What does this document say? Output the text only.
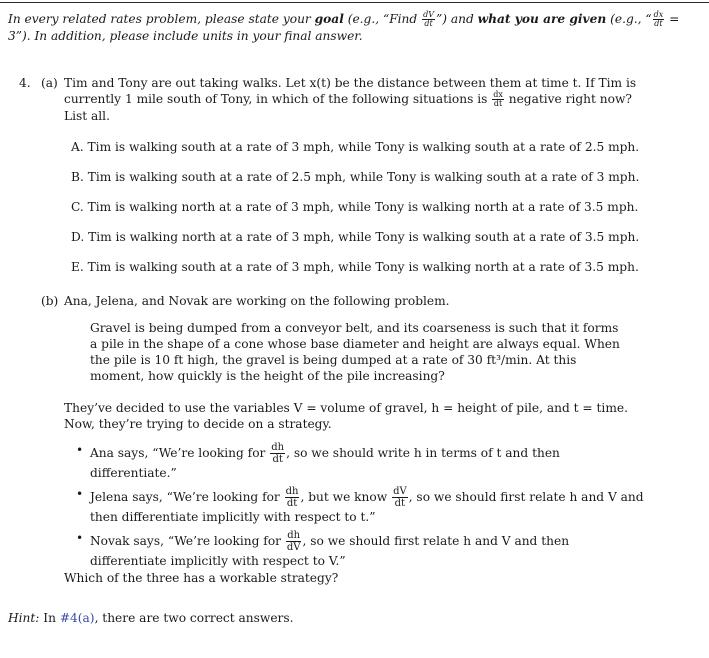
In every related rates problem, please state your goal (e.g., “Find $\frac{dV}{dt}$ ”) and what you are given (e.g., “ $\frac{dx}{dt}$ = 3”). In addition, please include units in your final answer.
4. (a) Tim and Tony are out taking walks. Let x(t) be the distance between them at time t. If Tim is currently 1 mile south of Tony, in which of the following situations is $\frac{dx}{dt}$ negative right now? List all.
A. Tim is walking south at a rate of 3 mph, while Tony is walking south at a rate of 2.5 mph.
B. Tim is walking south at a rate of 2.5 mph, while Tony is walking south at a rate of 3 mph.
C. Tim is walking north at a rate of 3 mph, while Tony is walking north at a rate of 3.5 mph.
D. Tim is walking north at a rate of 3 mph, while Tony is walking south at a rate of 3.5 mph.
E. Tim is walking south at a rate of 3 mph, while Tony is walking north at a rate of 3.5 mph.
(b) Ana, Jelena, and Novak are working on the following problem.
Gravel is being dumped from a conveyor belt, and its coarseness is such that it forms a pile in the shape of a cone whose base diameter and height are always equal. When the pile is 10 ft high, the gravel is being dumped at a rate of 30 ft³/min. At this moment, how quickly is the height of the pile increasing?
They’ve decided to use the variables V = volume of gravel, h = height of pile, and t = time. Now, they’re trying to decide on a strategy.
• Ana says, “We’re looking for $\frac{dh}{dt}$ , so we should write h in terms of t and then differentiate.”
• Jelena says, “We’re looking for $\frac{dh}{dt}$ , but we know $\frac{dV}{dt}$ , so we should first relate h and V and then differentiate implicitly with respect to t.”
• Novak says, “We’re looking for $\frac{dh}{dV}$ , so we should first relate h and V and then differentiate implicitly with respect to V.”
Which of the three has a workable strategy?
Hint: In #4(a), there are two correct answers.
